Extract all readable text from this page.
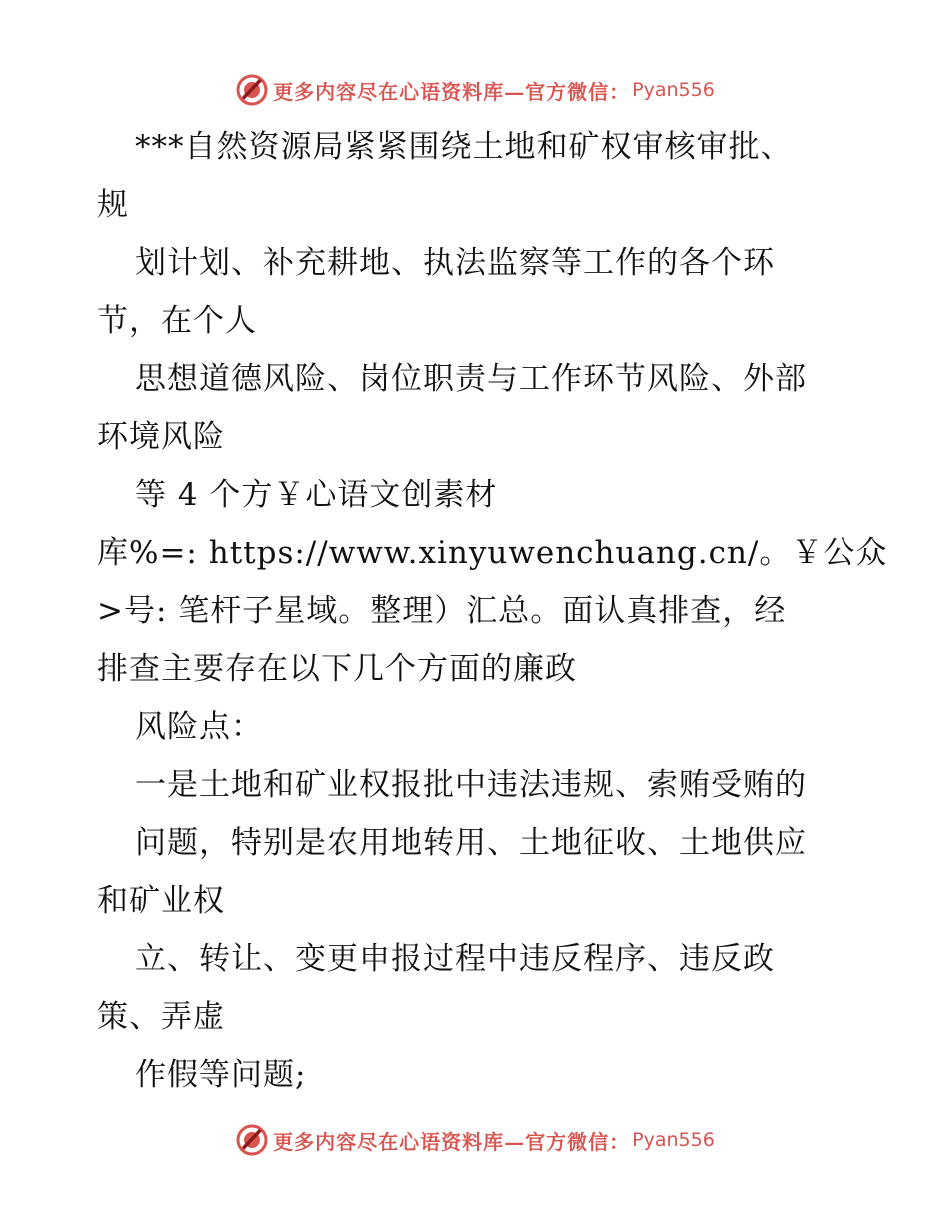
更多内容尽在心语资料库—官方微信： Pyan556
***自然资源局紧紧围绕土地和矿权审核审批、
规
划计划、补充耕地、执法监察等工作的各个环
节，在个人
思想道德风险、岗位职责与工作环节风险、外部
环境风险
等 4 个方￥心语文创素材
库%=: https://www.xinyuwenchuang.cn/。￥公众
>号: 笔杆子星域。整理）汇总。面认真排查，经
排查主要存在以下几个方面的廉政
风险点：
一是土地和矿业权报批中违法违规、索贿受贿的
问题，特别是农用地转用、土地征收、土地供应
和矿业权
立、转让、变更申报过程中违反程序、违反政
策、弄虚
作假等问题;
更多内容尽在心语资料库—官方微信： Pyan556
